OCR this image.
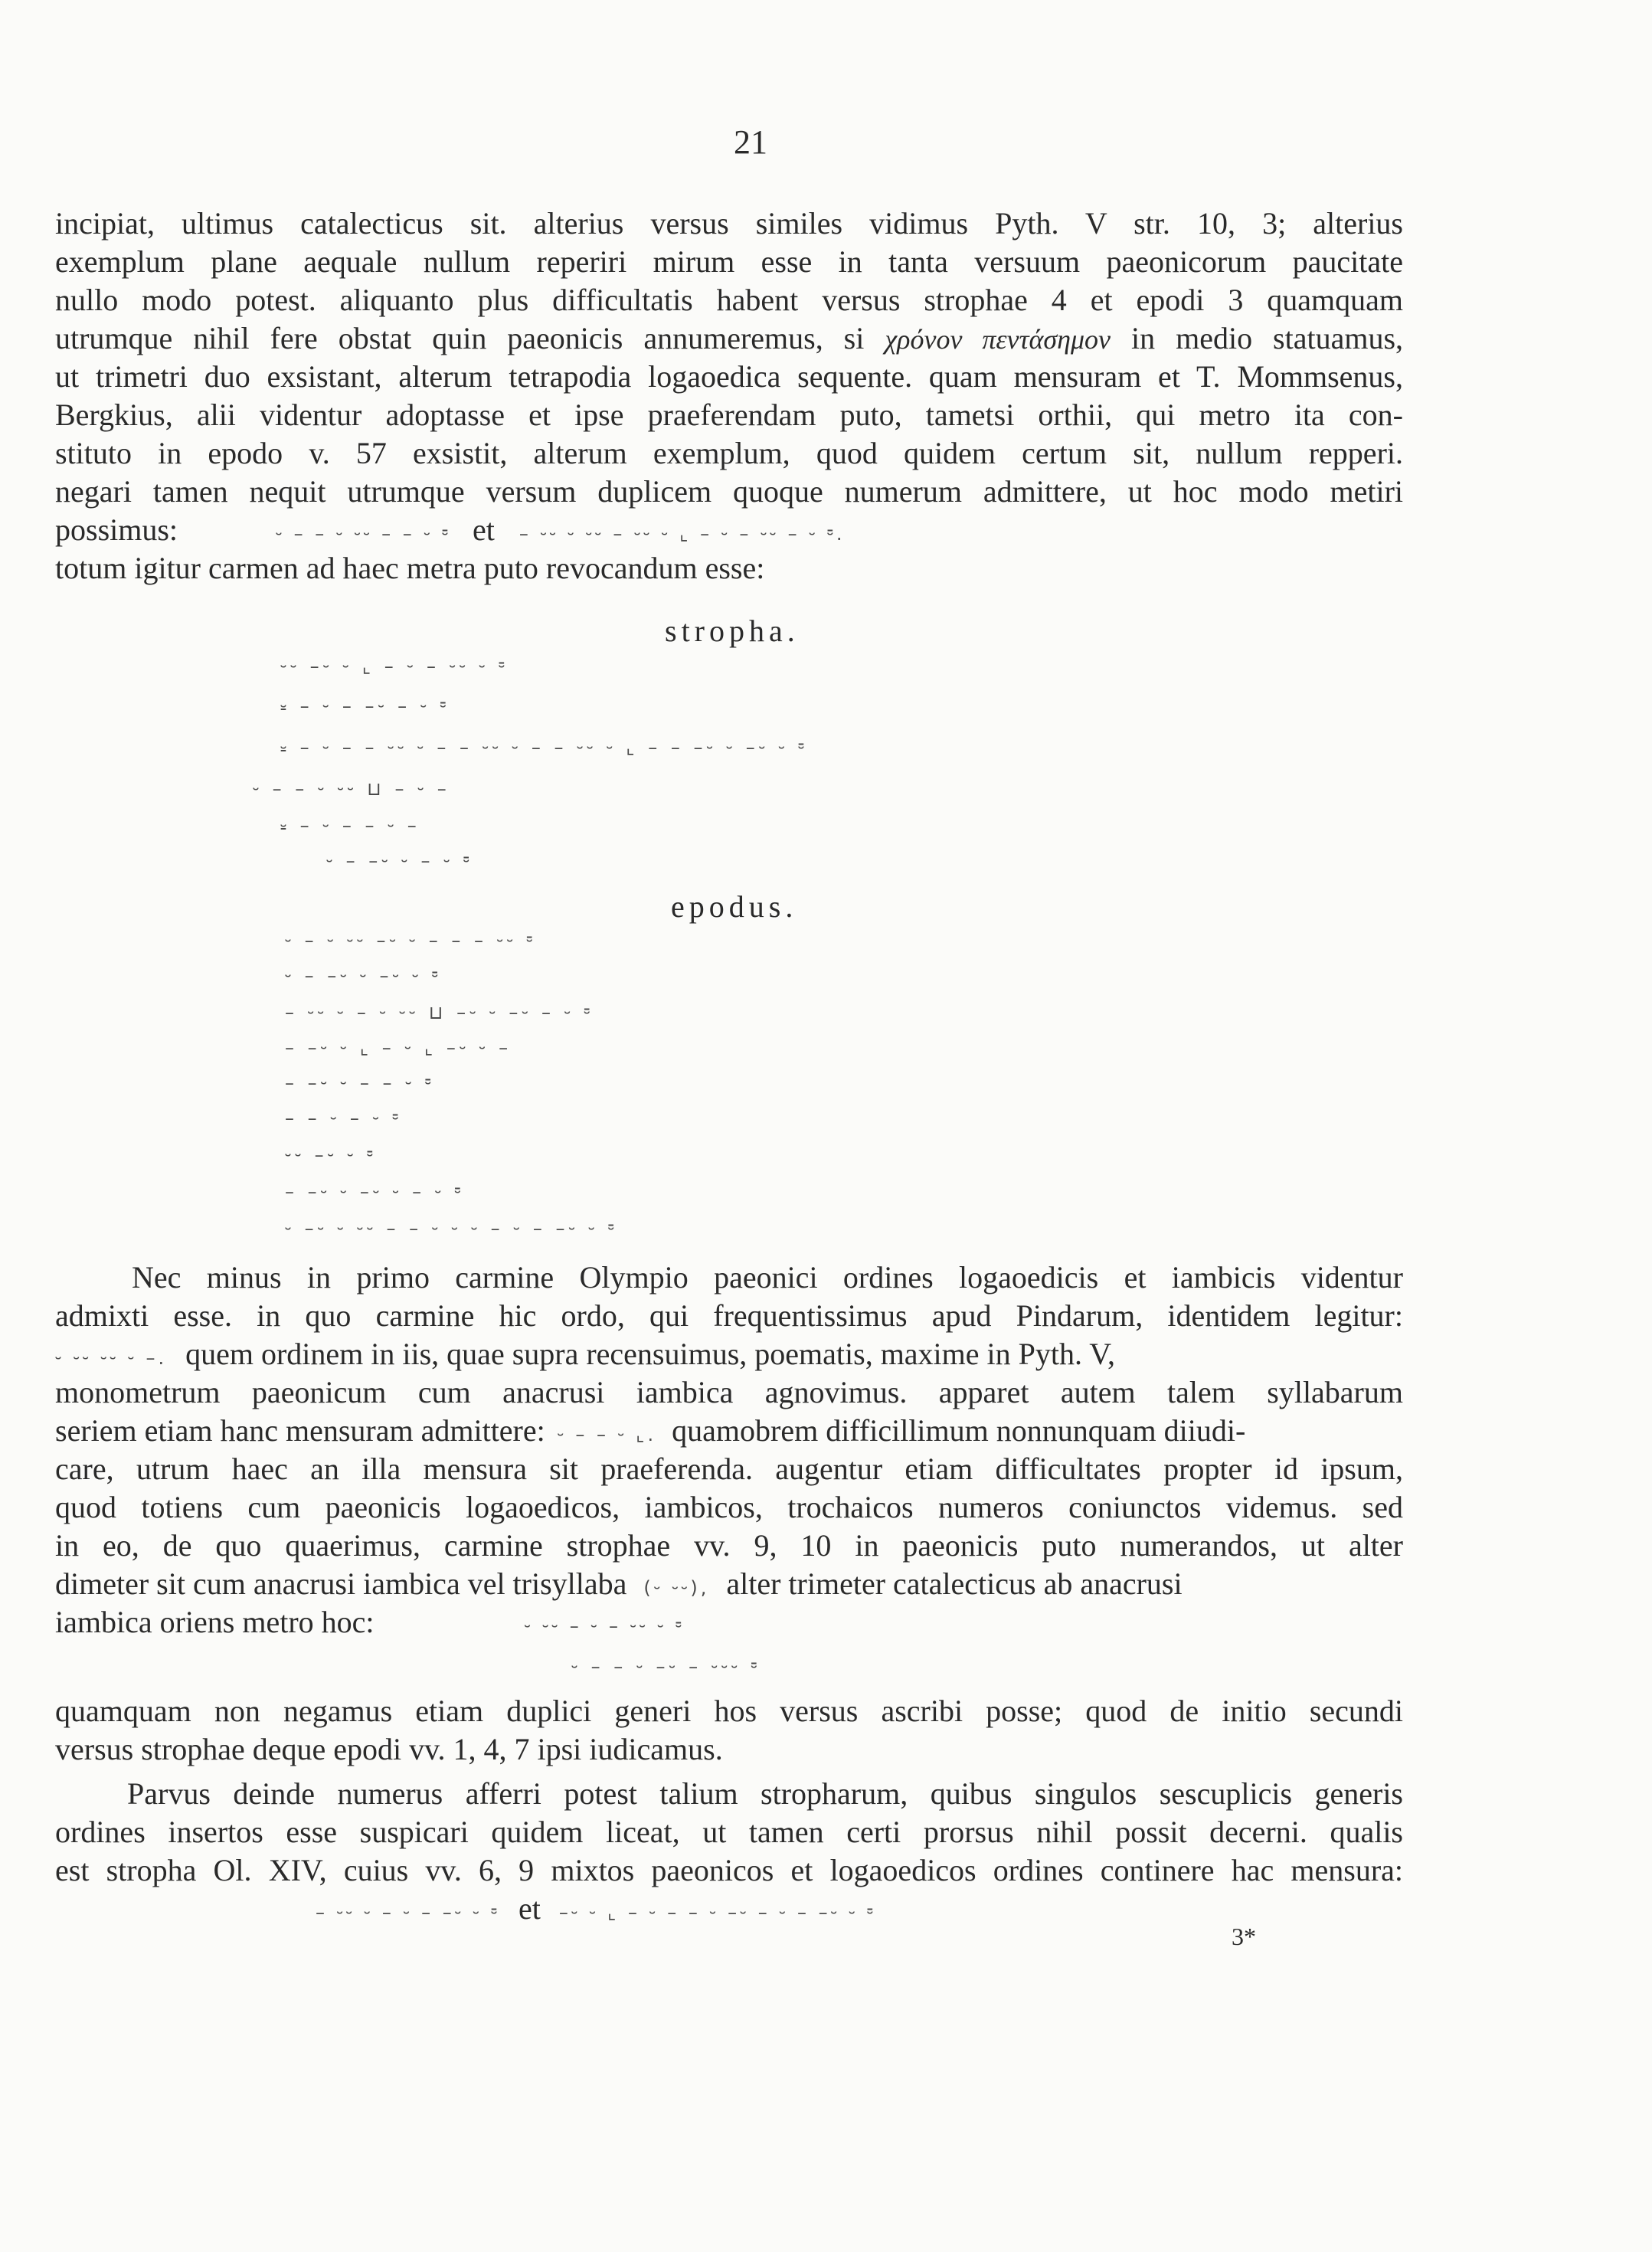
21
incipiat, ultimus catalecticus sit. alterius versus similes vidimus Pyth. V str. 10, 3; alterius
exemplum plane aequale nullum reperiri mirum esse in tanta versuum paeonicorum paucitate
nullo modo potest. aliquanto plus difficultatis habent versus strophae 4 et epodi 3 quamquam
utrumque nihil fere obstat quin paeonicis annumeremus, si χρόνον πεντάσημον in medio statuamus,
ut trimetri duo exsistant, alterum tetrapodia logaoedica sequente. quam mensuram et T. Mommsenus,
Bergkius, alii videntur adoptasse et ipse praeferendam puto, tametsi orthii, qui metro ita con-
stituto in epodo v. 57 exsistit, alterum exemplum, quod quidem certum sit, nullum repperi.
negari tamen nequit utrumque versum duplicem quoque numerum admittere, ut hoc modo metiri
possimus:	⏑ – – ⏑ ⏑⏑ – – ⏑ ⏒ et – ⏑⏑ ⏑ ⏑⏑ – ⏑⏑ ⏑ ⌞ – ⏑ – ⏑⏑ – ⏑ ⏒.
totum igitur carmen ad haec metra puto revocandum esse:
stropha.
⏑⏑ –⏑ ⏑ ⌞ – ⏑ – ⏑⏑ ⏑ ⏒
⏓ – ⏑ – –⏑ – ⏑ ⏒
⏓ – ⏑ – – ⏑⏑ ⏑ – – ⏑⏑ ⏑ – – ⏑⏑ ⏑ ⌞ – – –⏑ ⏑ –⏑ ⏑ ⏒
⏑ – – ⏑ ⏑⏑ ⊔ – ⏑ –
⏓ – ⏑ – – ⏑ –
⏑ – –⏑ ⏑ – ⏑ ⏒
epodus.
⏑ – ⏑ ⏑⏑ –⏑ ⏑ – – – ⏑⏑ ⏒
⏑ – –⏑ ⏑ –⏑ ⏑ ⏒
– ⏑⏑ ⏑ – ⏑ ⏑⏑ ⊔ –⏑ ⏑ –⏑ – ⏑ ⏒
– –⏑ ⏑ ⌞ – ⏑ ⌞ –⏑ ⏑ –
– –⏑ ⏑ – – ⏑ ⏒
– – ⏑ – ⏑ ⏒
⏑⏑ –⏑ ⏑ ⏒
– –⏑ ⏑ –⏑ ⏑ – ⏑ ⏒
⏑ –⏑ ⏑ ⏑⏑ – – ⏑ ⏑ ⏑ – ⏑ – –⏑ ⏑ ⏒
Nec minus in primo carmine Olympio paeonici ordines logaoedicis et iambicis videntur
admixti esse. in quo carmine hic ordo, qui frequentissimus apud Pindarum, identidem legitur:
⏑ ⏑⏑ ⏑⏑ ⏑ –. quem ordinem in iis, quae supra recensuimus, poematis, maxime in Pyth. V,
monometrum paeonicum cum anacrusi iambica agnovimus. apparet autem talem syllabarum
seriem etiam hanc mensuram admittere: ⏑ – – ⏑ ⌞. quamobrem difficillimum nonnunquam diiudi-
care, utrum haec an illa mensura sit praeferenda. augentur etiam difficultates propter id ipsum,
quod totiens cum paeonicis logaoedicos, iambicos, trochaicos numeros coniunctos videmus. sed
in eo, de quo quaerimus, carmine strophae vv. 9, 10 in paeonicis puto numerandos, ut alter
dimeter sit cum anacrusi iambica vel trisyllaba (⏑ ⏑⏑), alter trimeter catalecticus ab anacrusi
iambica oriens metro hoc:	⏑ ⏑⏑ – ⏑ – ⏑⏑ ⏑ ⏒
⏑ – – ⏑ –⏑ – ⏑⏑⏑ ⏒
quamquam non negamus etiam duplici generi hos versus ascribi posse; quod de initio secundi
versus strophae deque epodi vv. 1, 4, 7 ipsi iudicamus.
Parvus deinde numerus afferri potest talium stropharum, quibus singulos sescuplicis generis
ordines insertos esse suspicari quidem liceat, ut tamen certi prorsus nihil possit decerni. qualis
est stropha Ol. XIV, cuius vv. 6, 9 mixtos paeonicos et logaoedicos ordines continere hac mensura:
– ⏑⏑ ⏑ – ⏑ – –⏑ ⏑ ⏒ et –⏑ ⏑ ⌞ – ⏑ – – ⏑ –⏑ – ⏑ – –⏑ ⏑ ⏒
3*
